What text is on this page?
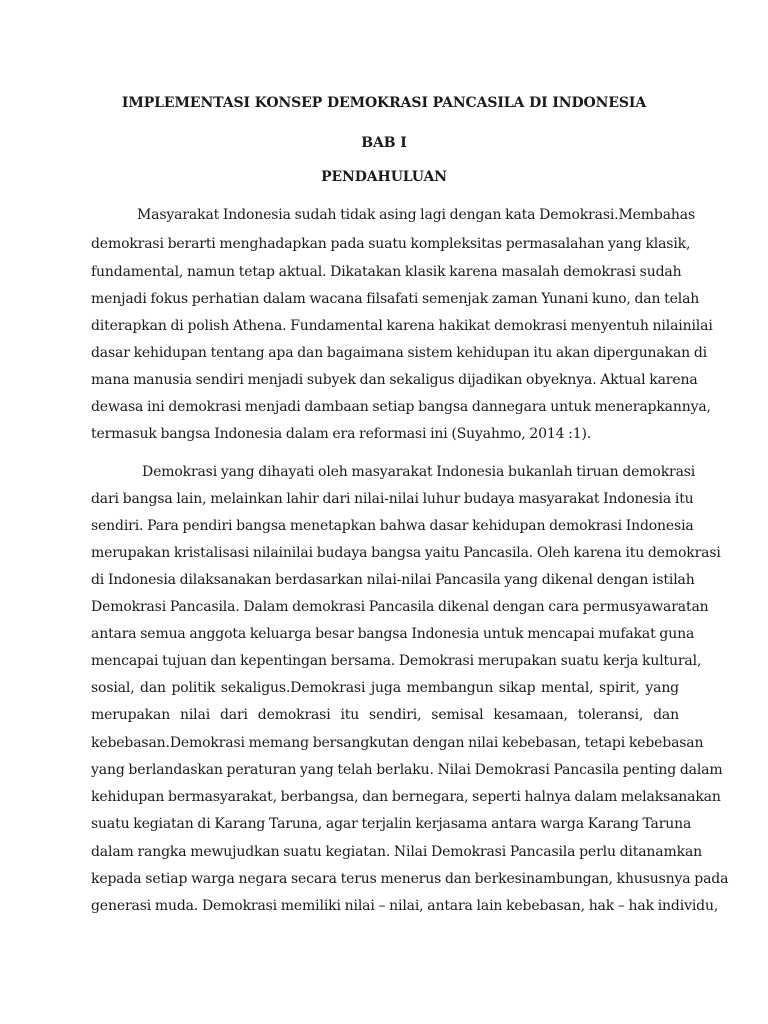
IMPLEMENTASI KONSEP DEMOKRASI PANCASILA DI INDONESIA
BAB I
PENDAHULUAN
Masyarakat Indonesia sudah tidak asing lagi dengan kata Demokrasi.Membahas
demokrasi berarti menghadapkan pada suatu kompleksitas permasalahan yang klasik,
fundamental, namun tetap aktual. Dikatakan klasik karena masalah demokrasi sudah
menjadi fokus perhatian dalam wacana filsafati semenjak zaman Yunani kuno, dan telah
diterapkan di polish Athena. Fundamental karena hakikat demokrasi menyentuh nilainilai
dasar kehidupan tentang apa dan bagaimana sistem kehidupan itu akan dipergunakan di
mana manusia sendiri menjadi subyek dan sekaligus dijadikan obyeknya. Aktual karena
dewasa ini demokrasi menjadi dambaan setiap bangsa dannegara untuk menerapkannya,
termasuk bangsa Indonesia dalam era reformasi ini (Suyahmo, 2014 :1).
Demokrasi yang dihayati oleh masyarakat Indonesia bukanlah tiruan demokrasi
dari bangsa lain, melainkan lahir dari nilai-nilai luhur budaya masyarakat Indonesia itu
sendiri. Para pendiri bangsa menetapkan bahwa dasar kehidupan demokrasi Indonesia
merupakan kristalisasi nilainilai budaya bangsa yaitu Pancasila. Oleh karena itu demokrasi
di Indonesia dilaksanakan berdasarkan nilai-nilai Pancasila yang dikenal dengan istilah
Demokrasi Pancasila. Dalam demokrasi Pancasila dikenal dengan cara permusyawaratan
antara semua anggota keluarga besar bangsa Indonesia untuk mencapai mufakat guna
mencapai tujuan dan kepentingan bersama. Demokrasi merupakan suatu kerja kultural,
sosial, dan politik sekaligus.Demokrasi juga membangun sikap mental, spirit, yang
merupakan nilai dari demokrasi itu sendiri, semisal kesamaan, toleransi, dan
kebebasan.Demokrasi memang bersangkutan dengan nilai kebebasan, tetapi kebebasan
yang berlandaskan peraturan yang telah berlaku. Nilai Demokrasi Pancasila penting dalam
kehidupan bermasyarakat, berbangsa, dan bernegara, seperti halnya dalam melaksanakan
suatu kegiatan di Karang Taruna, agar terjalin kerjasama antara warga Karang Taruna
dalam rangka mewujudkan suatu kegiatan. Nilai Demokrasi Pancasila perlu ditanamkan
kepada setiap warga negara secara terus menerus dan berkesinambungan, khususnya pada
generasi muda. Demokrasi memiliki nilai – nilai, antara lain kebebasan, hak – hak individu,
